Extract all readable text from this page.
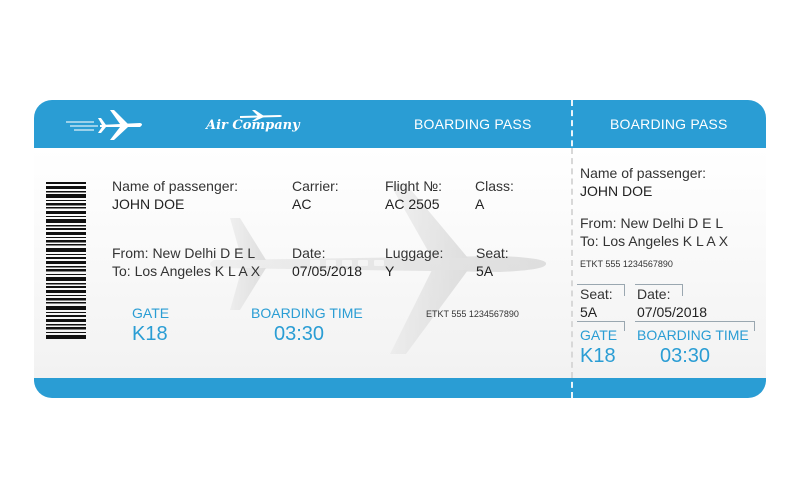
Air Company	BOARDING PASS	BOARDING PASS
Name of passenger:
JOHN DOE
Carrier:
AC
Flight №:
AC 2505
Class:
A
From: New Delhi D E L
To: Los Angeles K L A X
Date:
07/05/2018
Luggage:
Y
Seat:
5A
GATE
K18
BOARDING TIME
03:30
ETKT 555 1234567890
Name of passenger:
JOHN DOE
From: New Delhi D E L
To: Los Angeles K L A X
ETKT 555 1234567890
Seat:
5A
Date:
07/05/2018
GATE
K18
BOARDING TIME
03:30
